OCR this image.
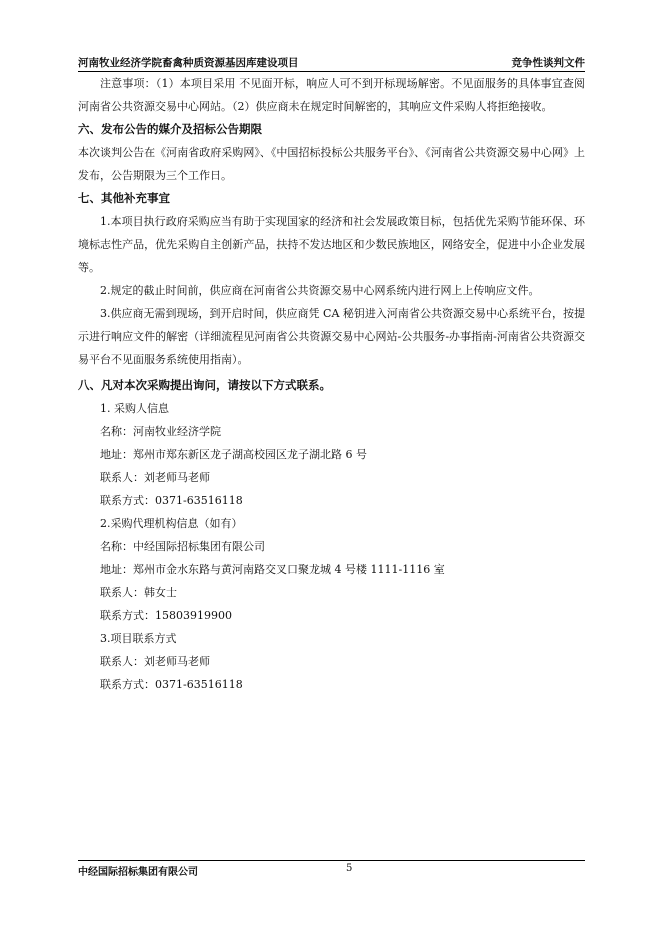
河南牧业经济学院畜禽种质资源基因库建设项目	竞争性谈判文件

注意事项：（1）本项目采用 不见面开标，响应人可不到开标现场解密。不见面服务的具体事宜查阅河南省公共资源交易中心网站。（2）供应商未在规定时间解密的，其响应文件采购人将拒绝接收。

六、发布公告的媒介及招标公告期限

本次谈判公告在《河南省政府采购网》、《中国招标投标公共服务平台》、《河南省公共资源交易中心网》上发布，公告期限为三个工作日。

七、其他补充事宜

1.本项目执行政府采购应当有助于实现国家的经济和社会发展政策目标，包括优先采购节能环保、环境标志性产品，优先采购自主创新产品，扶持不发达地区和少数民族地区，网络安全，促进中小企业发展等。

2.规定的截止时间前，供应商在河南省公共资源交易中心网系统内进行网上上传响应文件。

3.供应商无需到现场，到开启时间，供应商凭 CA 秘钥进入河南省公共资源交易中心系统平台，按提示进行响应文件的解密（详细流程见河南省公共资源交易中心网站-公共服务-办事指南-河南省公共资源交易平台不见面服务系统使用指南）。

八、凡对本次采购提出询问，请按以下方式联系。

1. 采购人信息

名称：河南牧业经济学院

地址：郑州市郑东新区龙子湖高校园区龙子湖北路 6 号

联系人：刘老师马老师

联系方式：0371-63516118

2.采购代理机构信息（如有）

名称：中经国际招标集团有限公司

地址：郑州市金水东路与黄河南路交叉口聚龙城 4 号楼 1111-1116 室

联系人：韩女士

联系方式：15803919900

3.项目联系方式

联系人：刘老师马老师

联系方式：0371-63516118

中经国际招标集团有限公司	5
